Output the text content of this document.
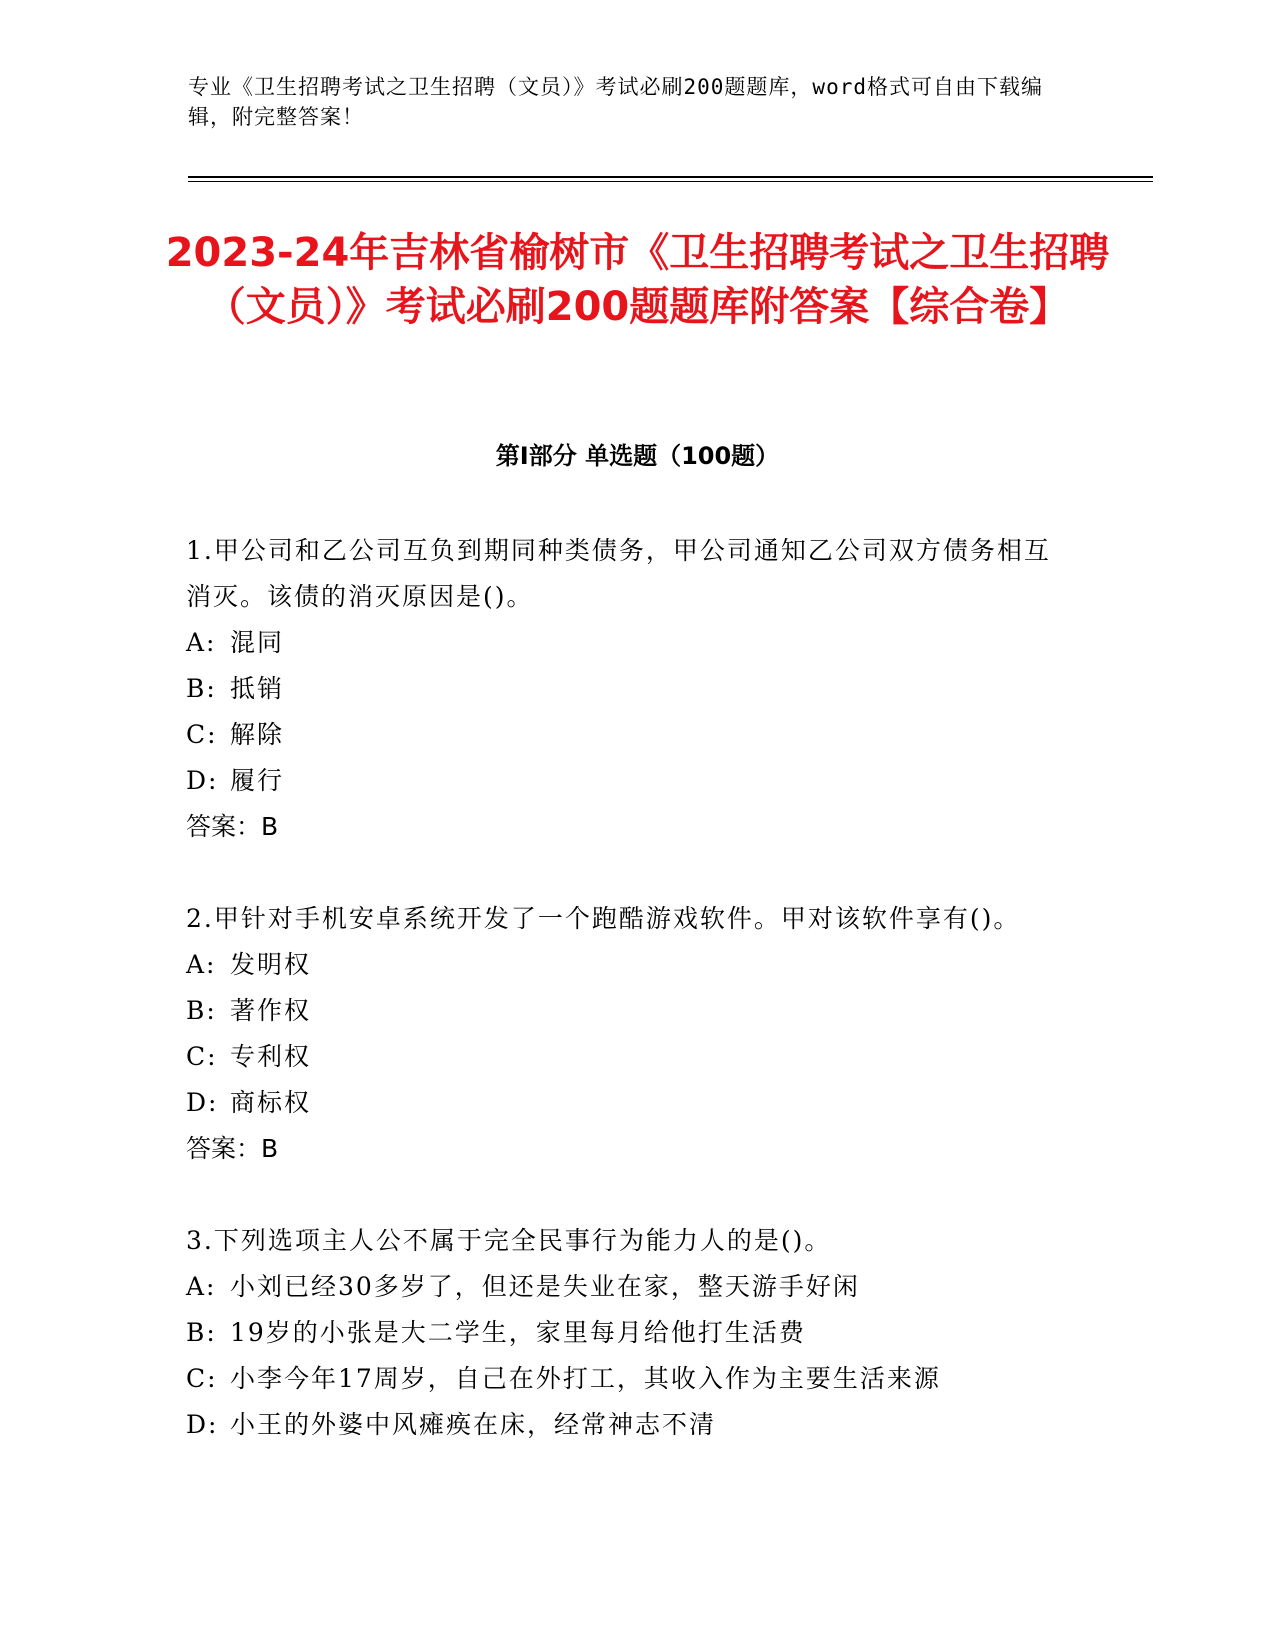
专业《卫生招聘考试之卫生招聘（文员）》考试必刷200题题库，word格式可自由下载编辑，附完整答案！
2023-24年吉林省榆树市《卫生招聘考试之卫生招聘（文员）》考试必刷200题题库附答案【综合卷】
第Ⅰ部分 单选题（100题）

1.甲公司和乙公司互负到期同种类债务，甲公司通知乙公司双方债务相互消灭。该债的消灭原因是()。

A: 混同

B: 抵销

C: 解除

D: 履行

答案：B

2.甲针对手机安卓系统开发了一个跑酷游戏软件。甲对该软件享有()。

A: 发明权

B: 著作权

C: 专利权

D: 商标权

答案：B

3.下列选项主人公不属于完全民事行为能力人的是()。

A: 小刘已经30多岁了，但还是失业在家，整天游手好闲

B: 19岁的小张是大二学生，家里每月给他打生活费

C: 小李今年17周岁，自己在外打工，其收入作为主要生活来源

D: 小王的外婆中风瘫痪在床，经常神志不清
